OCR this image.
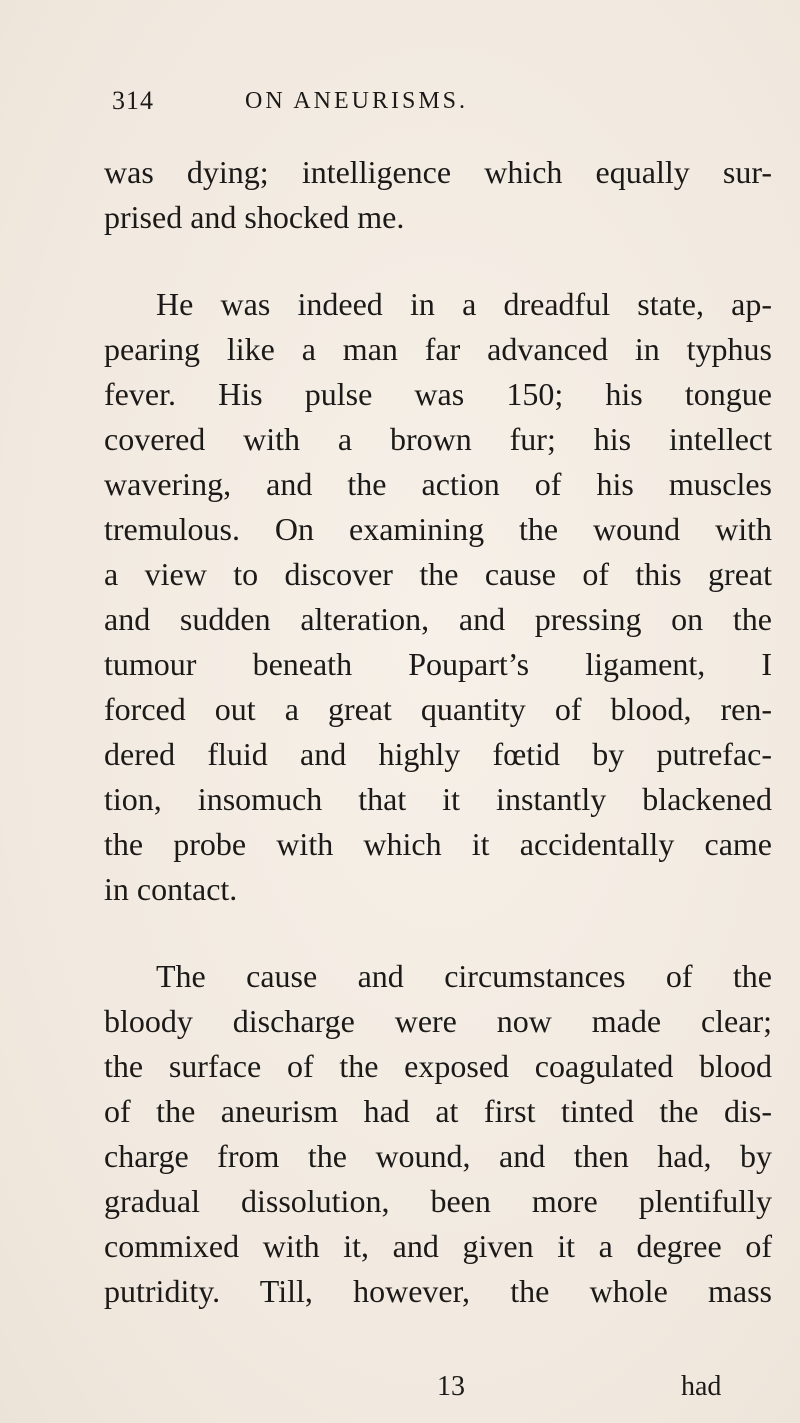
314	ON ANEURISMS.
was dying; intelligence which equally sur-
prised and shocked me.
He was indeed in a dreadful state, ap-
pearing like a man far advanced in typhus
fever. His pulse was 150; his tongue
covered with a brown fur; his intellect
wavering, and the action of his muscles
tremulous. On examining the wound with
a view to discover the cause of this great
and sudden alteration, and pressing on the
tumour beneath Poupart’s ligament, I
forced out a great quantity of blood, ren-
dered fluid and highly fœtid by putrefac-
tion, insomuch that it instantly blackened
the probe with which it accidentally came
in contact.
The cause and circumstances of the
bloody discharge were now made clear;
the surface of the exposed coagulated blood
of the aneurism had at first tinted the dis-
charge from the wound, and then had, by
gradual dissolution, been more plentifully
commixed with it, and given it a degree of
putridity. Till, however, the whole mass
13	had
